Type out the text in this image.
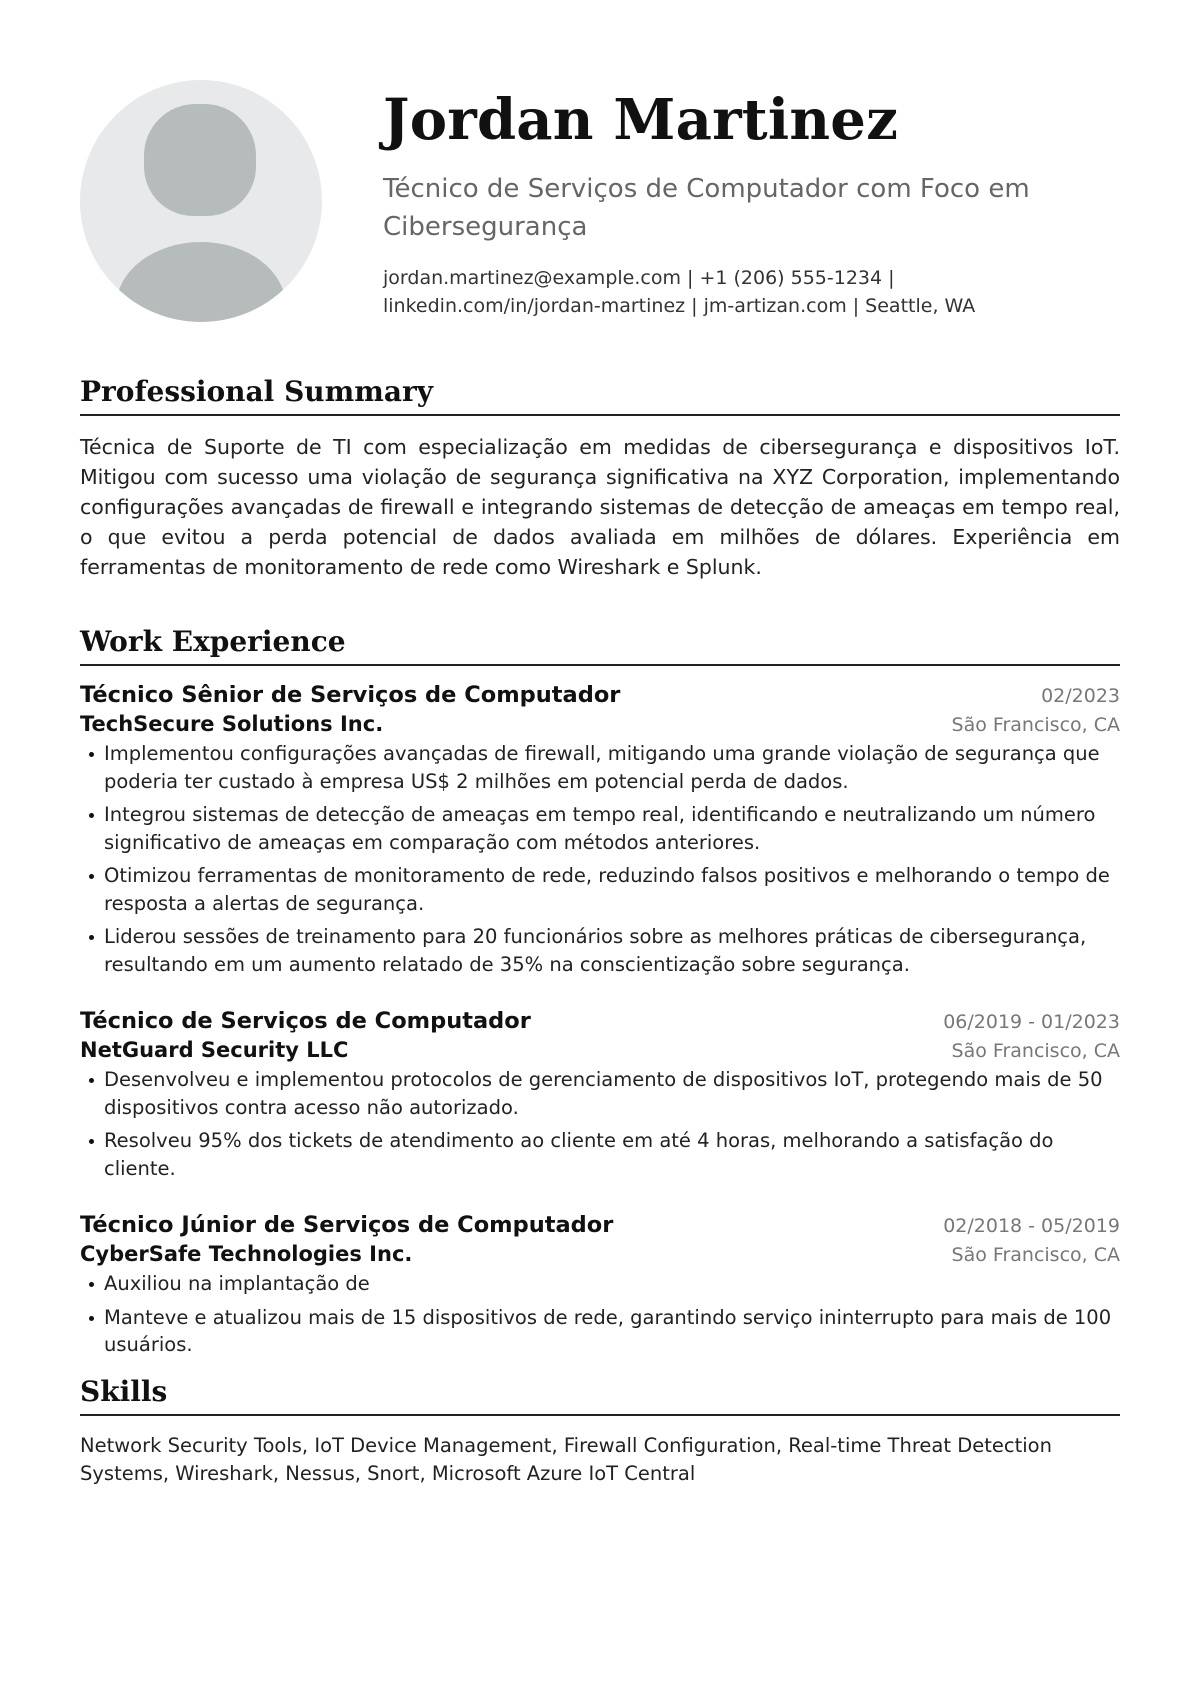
Jordan Martinez
Técnico de Serviços de Computador com Foco em Cibersegurança
jordan.martinez@example.com | +1 (206) 555-1234 |
linkedin.com/in/jordan-martinez | jm-artizan.com | Seattle, WA
Professional Summary
Técnica de Suporte de TI com especialização em medidas de cibersegurança e dispositivos IoT. Mitigou com sucesso uma violação de segurança significativa na XYZ Corporation, implementando configurações avançadas de firewall e integrando sistemas de detecção de ameaças em tempo real, o que evitou a perda potencial de dados avaliada em milhões de dólares. Experiência em ferramentas de monitoramento de rede como Wireshark e Splunk.
Work Experience
Técnico Sênior de Serviços de Computador	02/2023
TechSecure Solutions Inc.	São Francisco, CA
Implementou configurações avançadas de firewall, mitigando uma grande violação de segurança que poderia ter custado à empresa US$ 2 milhões em potencial perda de dados.
Integrou sistemas de detecção de ameaças em tempo real, identificando e neutralizando um número significativo de ameaças em comparação com métodos anteriores.
Otimizou ferramentas de monitoramento de rede, reduzindo falsos positivos e melhorando o tempo de resposta a alertas de segurança.
Liderou sessões de treinamento para 20 funcionários sobre as melhores práticas de cibersegurança, resultando em um aumento relatado de 35% na conscientização sobre segurança.
Técnico de Serviços de Computador	06/2019 - 01/2023
NetGuard Security LLC	São Francisco, CA
Desenvolveu e implementou protocolos de gerenciamento de dispositivos IoT, protegendo mais de 50 dispositivos contra acesso não autorizado.
Resolveu 95% dos tickets de atendimento ao cliente em até 4 horas, melhorando a satisfação do cliente.
Técnico Júnior de Serviços de Computador	02/2018 - 05/2019
CyberSafe Technologies Inc.	São Francisco, CA
Auxiliou na implantação de
Manteve e atualizou mais de 15 dispositivos de rede, garantindo serviço ininterrupto para mais de 100 usuários.
Skills
Network Security Tools, IoT Device Management, Firewall Configuration, Real-time Threat Detection Systems, Wireshark, Nessus, Snort, Microsoft Azure IoT Central
